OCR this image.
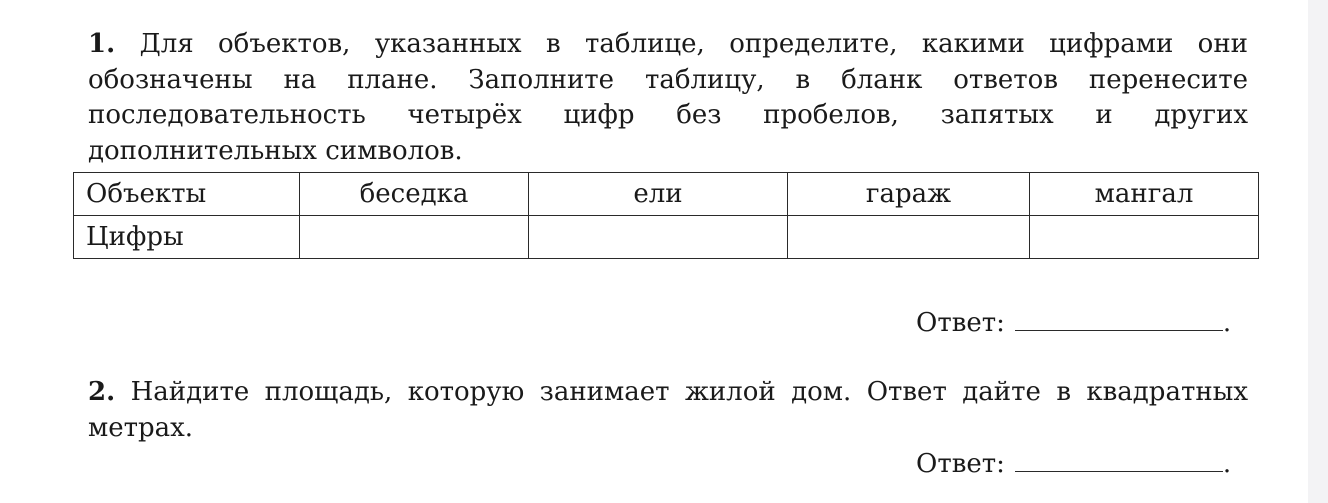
1. Для объектов, указанных в таблице, определите, какими цифрами они обозначены на плане. Заполните таблицу, в бланк ответов перенесите последовательность четырёх цифр без пробелов, запятых и других дополнительных символов.

Объекты	беседка	ели	гараж	мангал
Цифры				
Ответ:	.

2. Найдите площадь, которую занимает жилой дом. Ответ дайте в квадратных метрах.

Ответ:	.
